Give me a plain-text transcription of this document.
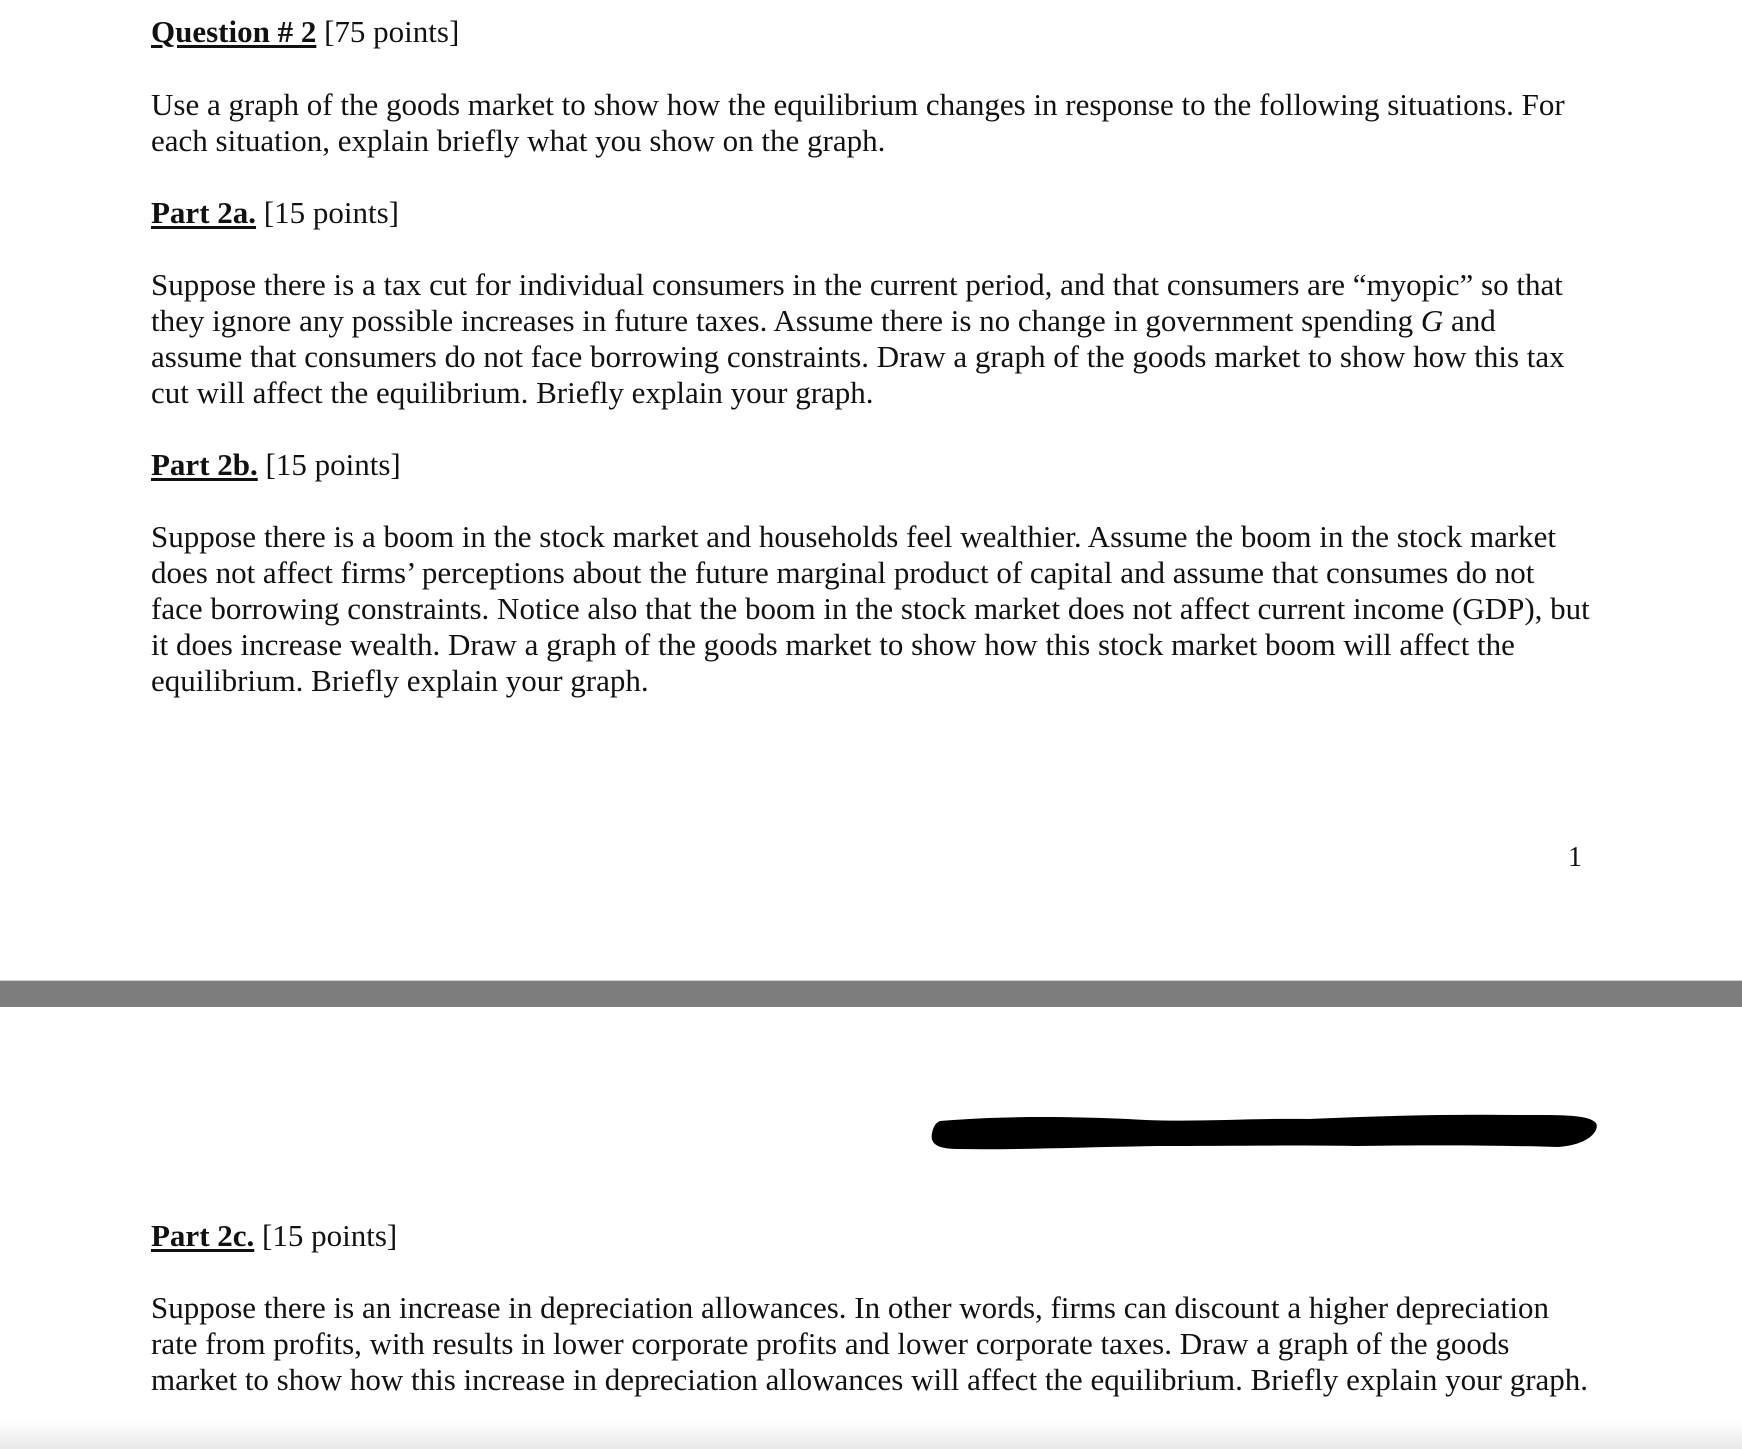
Question # 2 [75 points]

Use a graph of the goods market to show how the equilibrium changes in response to the following situations. For each situation, explain briefly what you show on the graph.

Part 2a. [15 points]

Suppose there is a tax cut for individual consumers in the current period, and that consumers are “myopic” so that they ignore any possible increases in future taxes. Assume there is no change in government spending G and assume that consumers do not face borrowing constraints. Draw a graph of the goods market to show how this tax cut will affect the equilibrium. Briefly explain your graph.

Part 2b. [15 points]

Suppose there is a boom in the stock market and households feel wealthier. Assume the boom in the stock market does not affect firms’ perceptions about the future marginal product of capital and assume that consumes do not face borrowing constraints. Notice also that the boom in the stock market does not affect current income (GDP), but it does increase wealth. Draw a graph of the goods market to show how this stock market boom will affect the equilibrium. Briefly explain your graph.

1
Part 2c. [15 points]

Suppose there is an increase in depreciation allowances. In other words, firms can discount a higher depreciation rate from profits, with results in lower corporate profits and lower corporate taxes. Draw a graph of the goods market to show how this increase in depreciation allowances will affect the equilibrium. Briefly explain your graph.
